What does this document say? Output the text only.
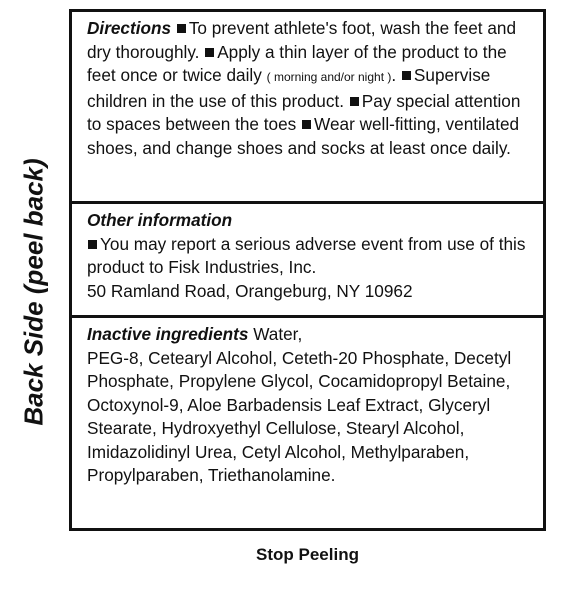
Back Side (peel back)
Directions To prevent athlete's foot, wash the feet and dry thoroughly. Apply a thin layer of the product to the feet once or twice daily ( morning and/or night ). Supervise children in the use of this product. Pay special attention to spaces between the toes Wear well-fitting, ventilated shoes, and change shoes and socks at least once daily.
Other information
You may report a serious adverse event from use of this product to Fisk Industries, Inc.
50 Ramland Road, Orangeburg, NY 10962
Inactive ingredients Water,
PEG-8, Cetearyl Alcohol, Ceteth-20 Phosphate, Decetyl Phosphate, Propylene Glycol, Cocamidopropyl Betaine, Octoxynol-9, Aloe Barbadensis Leaf Extract, Glyceryl Stearate, Hydroxyethyl Cellulose, Stearyl Alcohol, Imidazolidinyl Urea, Cetyl Alcohol, Methylparaben, Propylparaben, Triethanolamine.
Stop Peeling
